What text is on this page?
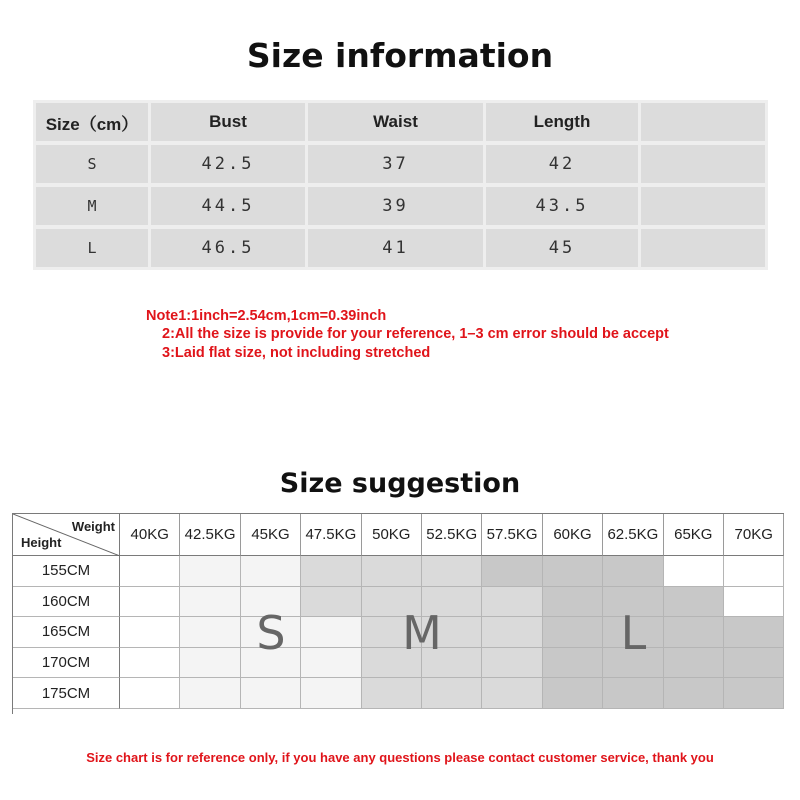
Size information
Size（cm）	Bust	Waist	Length
S	42.5	37	42
M	44.5	39	43.5
L	46.5	41	45
Note1:1inch=2.54cm,1cm=0.39inch
2:All the size is provide for your reference, 1–3 cm error should be accept
3:Laid flat size, not including stretched
Size suggestion
Weight
Height	40KG	42.5KG	45KG	47.5KG	50KG	52.5KG 57.5KG	60KG	62.5KG	65KG	70KG
155CM
160CM
165CM
170CM
175CM
S	M	L
Size chart is for reference only, if you have any questions please contact customer service, thank you
